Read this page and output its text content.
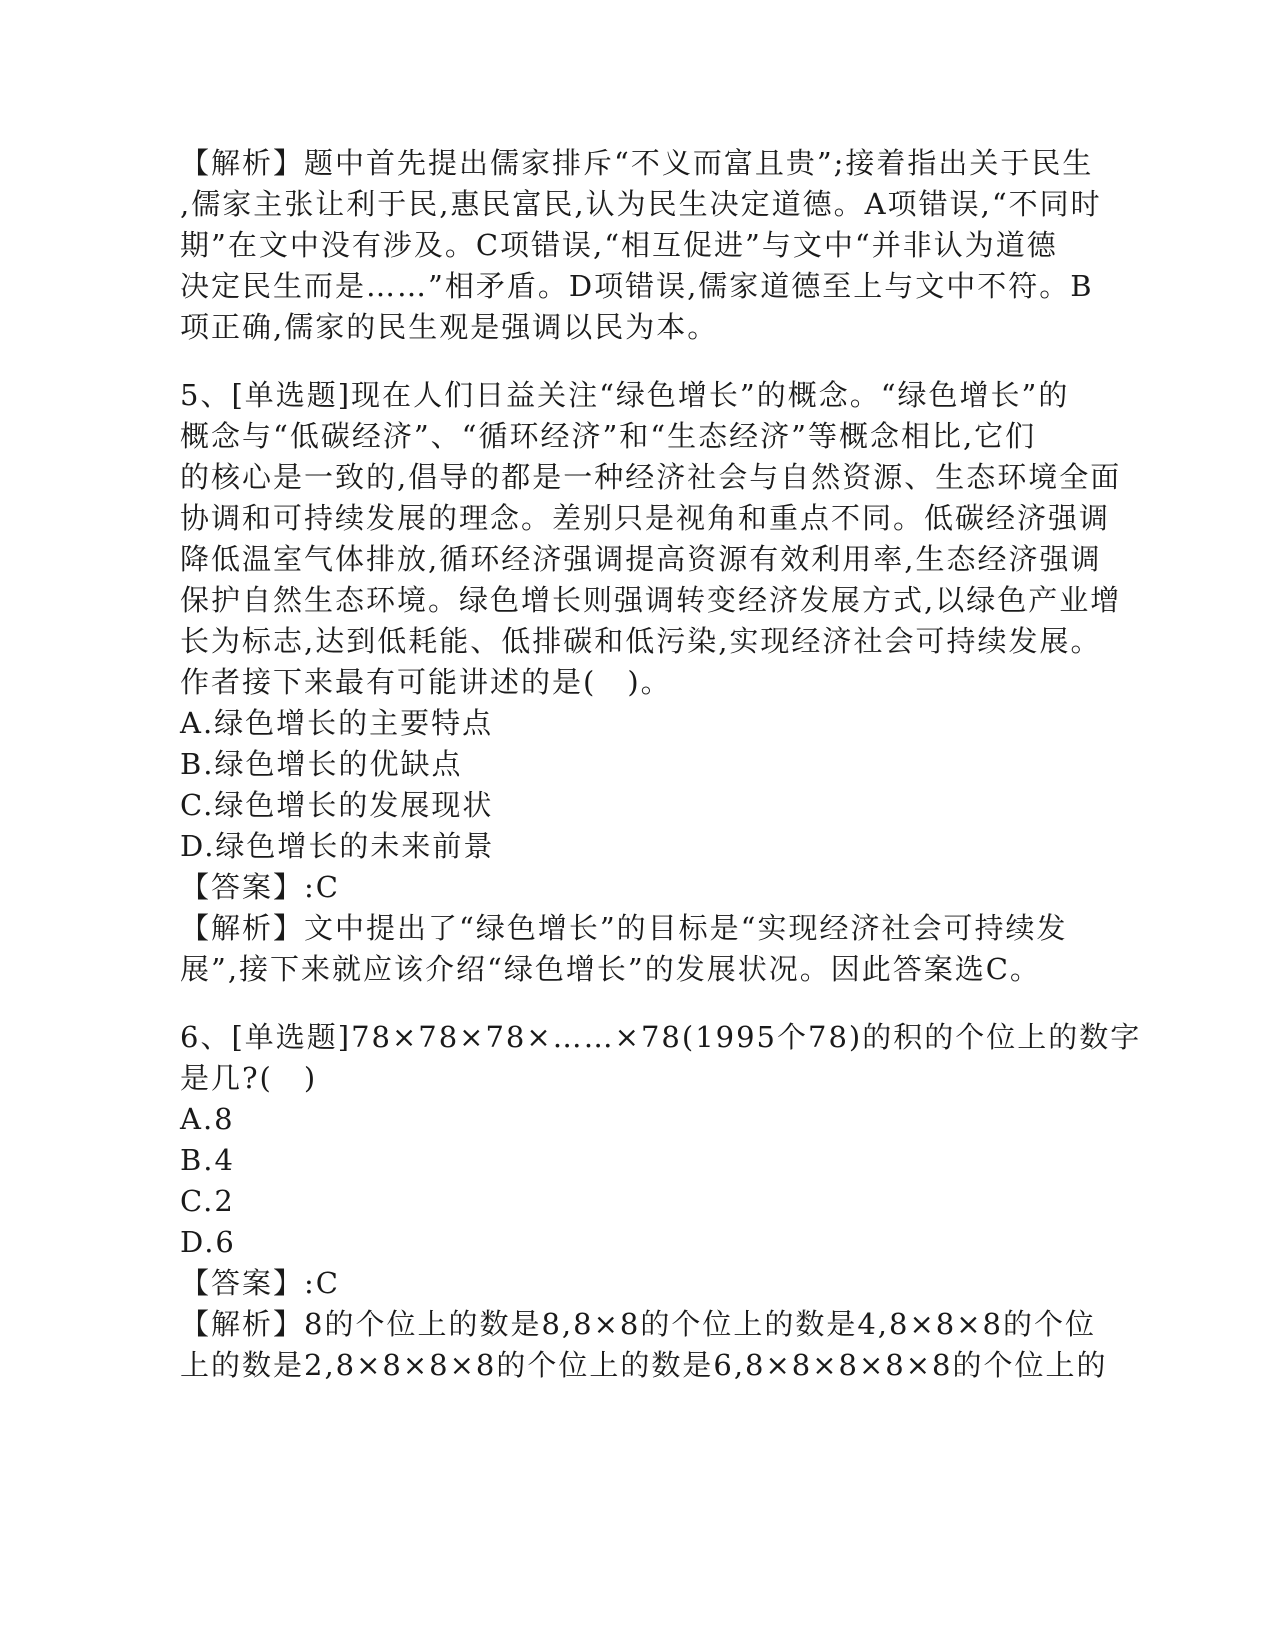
【解析】题中首先提出儒家排斥“不义而富且贵”;接着指出关于民生
,儒家主张让利于民,惠民富民,认为民生决定道德。A项错误,“不同时
期”在文中没有涉及。C项错误,“相互促进”与文中“并非认为道德
决定民生而是……”相矛盾。D项错误,儒家道德至上与文中不符。B
项正确,儒家的民生观是强调以民为本。
5、[单选题]现在人们日益关注“绿色增长”的概念。“绿色增长”的
概念与“低碳经济”、“循环经济”和“生态经济”等概念相比,它们
的核心是一致的,倡导的都是一种经济社会与自然资源、生态环境全面
协调和可持续发展的理念。差别只是视角和重点不同。低碳经济强调
降低温室气体排放,循环经济强调提高资源有效利用率,生态经济强调
保护自然生态环境。绿色增长则强调转变经济发展方式,以绿色产业增
长为标志,达到低耗能、低排碳和低污染,实现经济社会可持续发展。
作者接下来最有可能讲述的是(　)。
A.绿色增长的主要特点
B.绿色增长的优缺点
C.绿色增长的发展现状
D.绿色增长的未来前景
【答案】:C
【解析】文中提出了“绿色增长”的目标是“实现经济社会可持续发
展”,接下来就应该介绍“绿色增长”的发展状况。因此答案选C。
6、[单选题]78×78×78×……×78(1995个78)的积的个位上的数字
是几?(　)
A.8
B.4
C.2
D.6
【答案】:C
【解析】8的个位上的数是8,8×8的个位上的数是4,8×8×8的个位
上的数是2,8×8×8×8的个位上的数是6,8×8×8×8×8的个位上的
